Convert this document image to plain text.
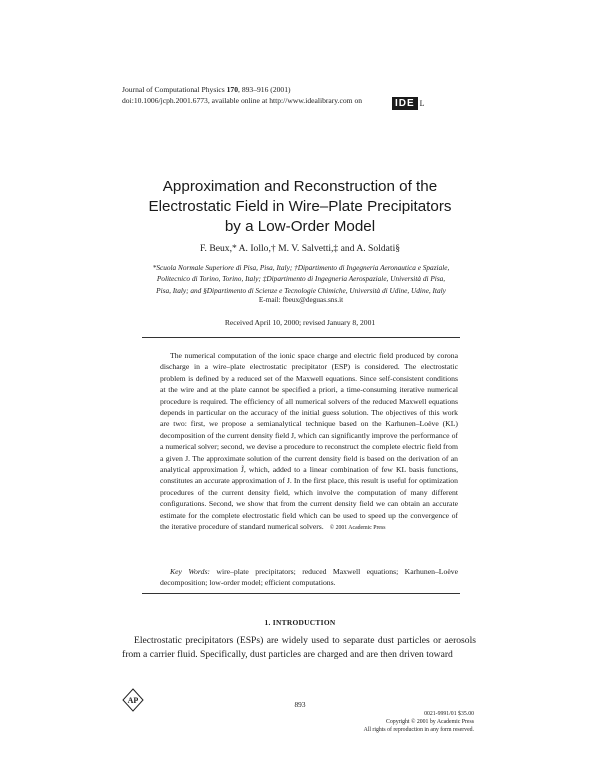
Journal of Computational Physics 170, 893–916 (2001)
doi:10.1006/jcph.2001.6773, available online at http://www.idealibrary.com on	IDE L
Approximation and Reconstruction of the
Electrostatic Field in Wire–Plate Precipitators
by a Low-Order Model
F. Beux,* A. Iollo,† M. V. Salvetti,‡ and A. Soldati§
*Scuola Normale Superiore di Pisa, Pisa, Italy; †Dipartimento di Ingegneria Aeronautica e Spaziale,
Politecnico di Torino, Torino, Italy; ‡Dipartimento di Ingegneria Aerospaziale, Università di Pisa,
Pisa, Italy; and §Dipartimento di Scienze e Tecnologie Chimiche, Università di Udine, Udine, Italy
E-mail: fbeux@deguas.sns.it
Received April 10, 2000; revised January 8, 2001
The numerical computation of the ionic space charge and electric field produced by corona discharge in a wire–plate electrostatic precipitator (ESP) is considered. The electrostatic problem is defined by a reduced set of the Maxwell equations. Since self-consistent conditions at the wire and at the plate cannot be specified a priori, a time-consuming iterative numerical procedure is required. The efficiency of all numerical solvers of the reduced Maxwell equations depends in particular on the accuracy of the initial guess solution. The objectives of this work are two: first, we propose a semianalytical technique based on the Karhunen–Loève (KL) decomposition of the current density field J, which can significantly improve the performance of a numerical solver; second, we devise a procedure to reconstruct the complete electric field from a given J. The approximate solution of the current density field is based on the derivation of an analytical approximation J̃, which, added to a linear combination of few KL basis functions, constitutes an accurate approximation of J. In the first place, this result is useful for optimization procedures of the current density field, which involve the computation of many different configurations. Second, we show that from the current density field we can obtain an accurate estimate for the complete electrostatic field which can be used to speed up the convergence of the iterative procedure of standard numerical solvers. © 2001 Academic Press
Key Words: wire–plate precipitators; reduced Maxwell equations; Karhunen–Loève decomposition; low-order model; efficient computations.
1. INTRODUCTION
Electrostatic precipitators (ESPs) are widely used to separate dust particles or aerosols from a carrier fluid. Specifically, dust particles are charged and are then driven toward
893
AP
0021-9991/01 $35.00
Copyright © 2001 by Academic Press
All rights of reproduction in any form reserved.
